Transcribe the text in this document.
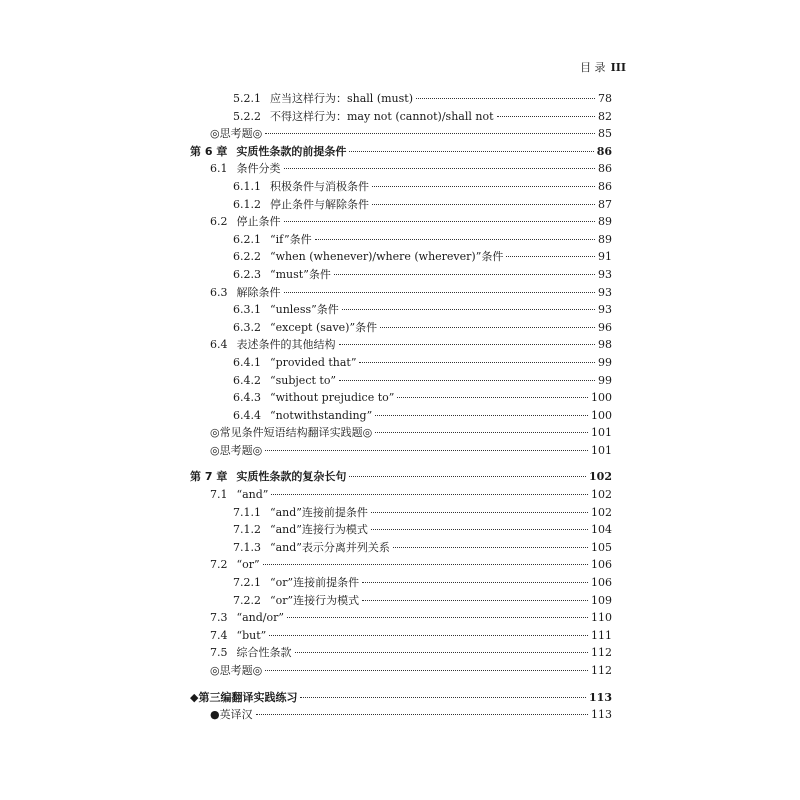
目 录 III
5.2.1 应当这样行为：shall (must)	78
5.2.2 不得这样行为：may not (cannot)/shall not	82
◎思考题◎	85
第 6 章 实质性条款的前提条件	86
6.1 条件分类	86
6.1.1 积极条件与消极条件	86
6.1.2 停止条件与解除条件	87
6.2 停止条件	89
6.2.1 “if”条件	89
6.2.2 “when (whenever)/where (wherever)”条件	91
6.2.3 “must”条件	93
6.3 解除条件	93
6.3.1 “unless”条件	93
6.3.2 “except (save)”条件	96
6.4 表述条件的其他结构	98
6.4.1 “provided that”	99
6.4.2 “subject to”	99
6.4.3 “without prejudice to”	100
6.4.4 “notwithstanding”	100
◎常见条件短语结构翻译实践题◎	101
◎思考题◎	101
第 7 章 实质性条款的复杂长句	102
7.1 “and”	102
7.1.1 “and”连接前提条件	102
7.1.2 “and”连接行为模式	104
7.1.3 “and”表示分离并列关系	105
7.2 “or”	106
7.2.1 “or”连接前提条件	106
7.2.2 “or”连接行为模式	109
7.3 “and/or”	110
7.4 “but”	111
7.5 综合性条款	112
◎思考题◎	112
◆第三编翻译实践练习	113
●英译汉	113
